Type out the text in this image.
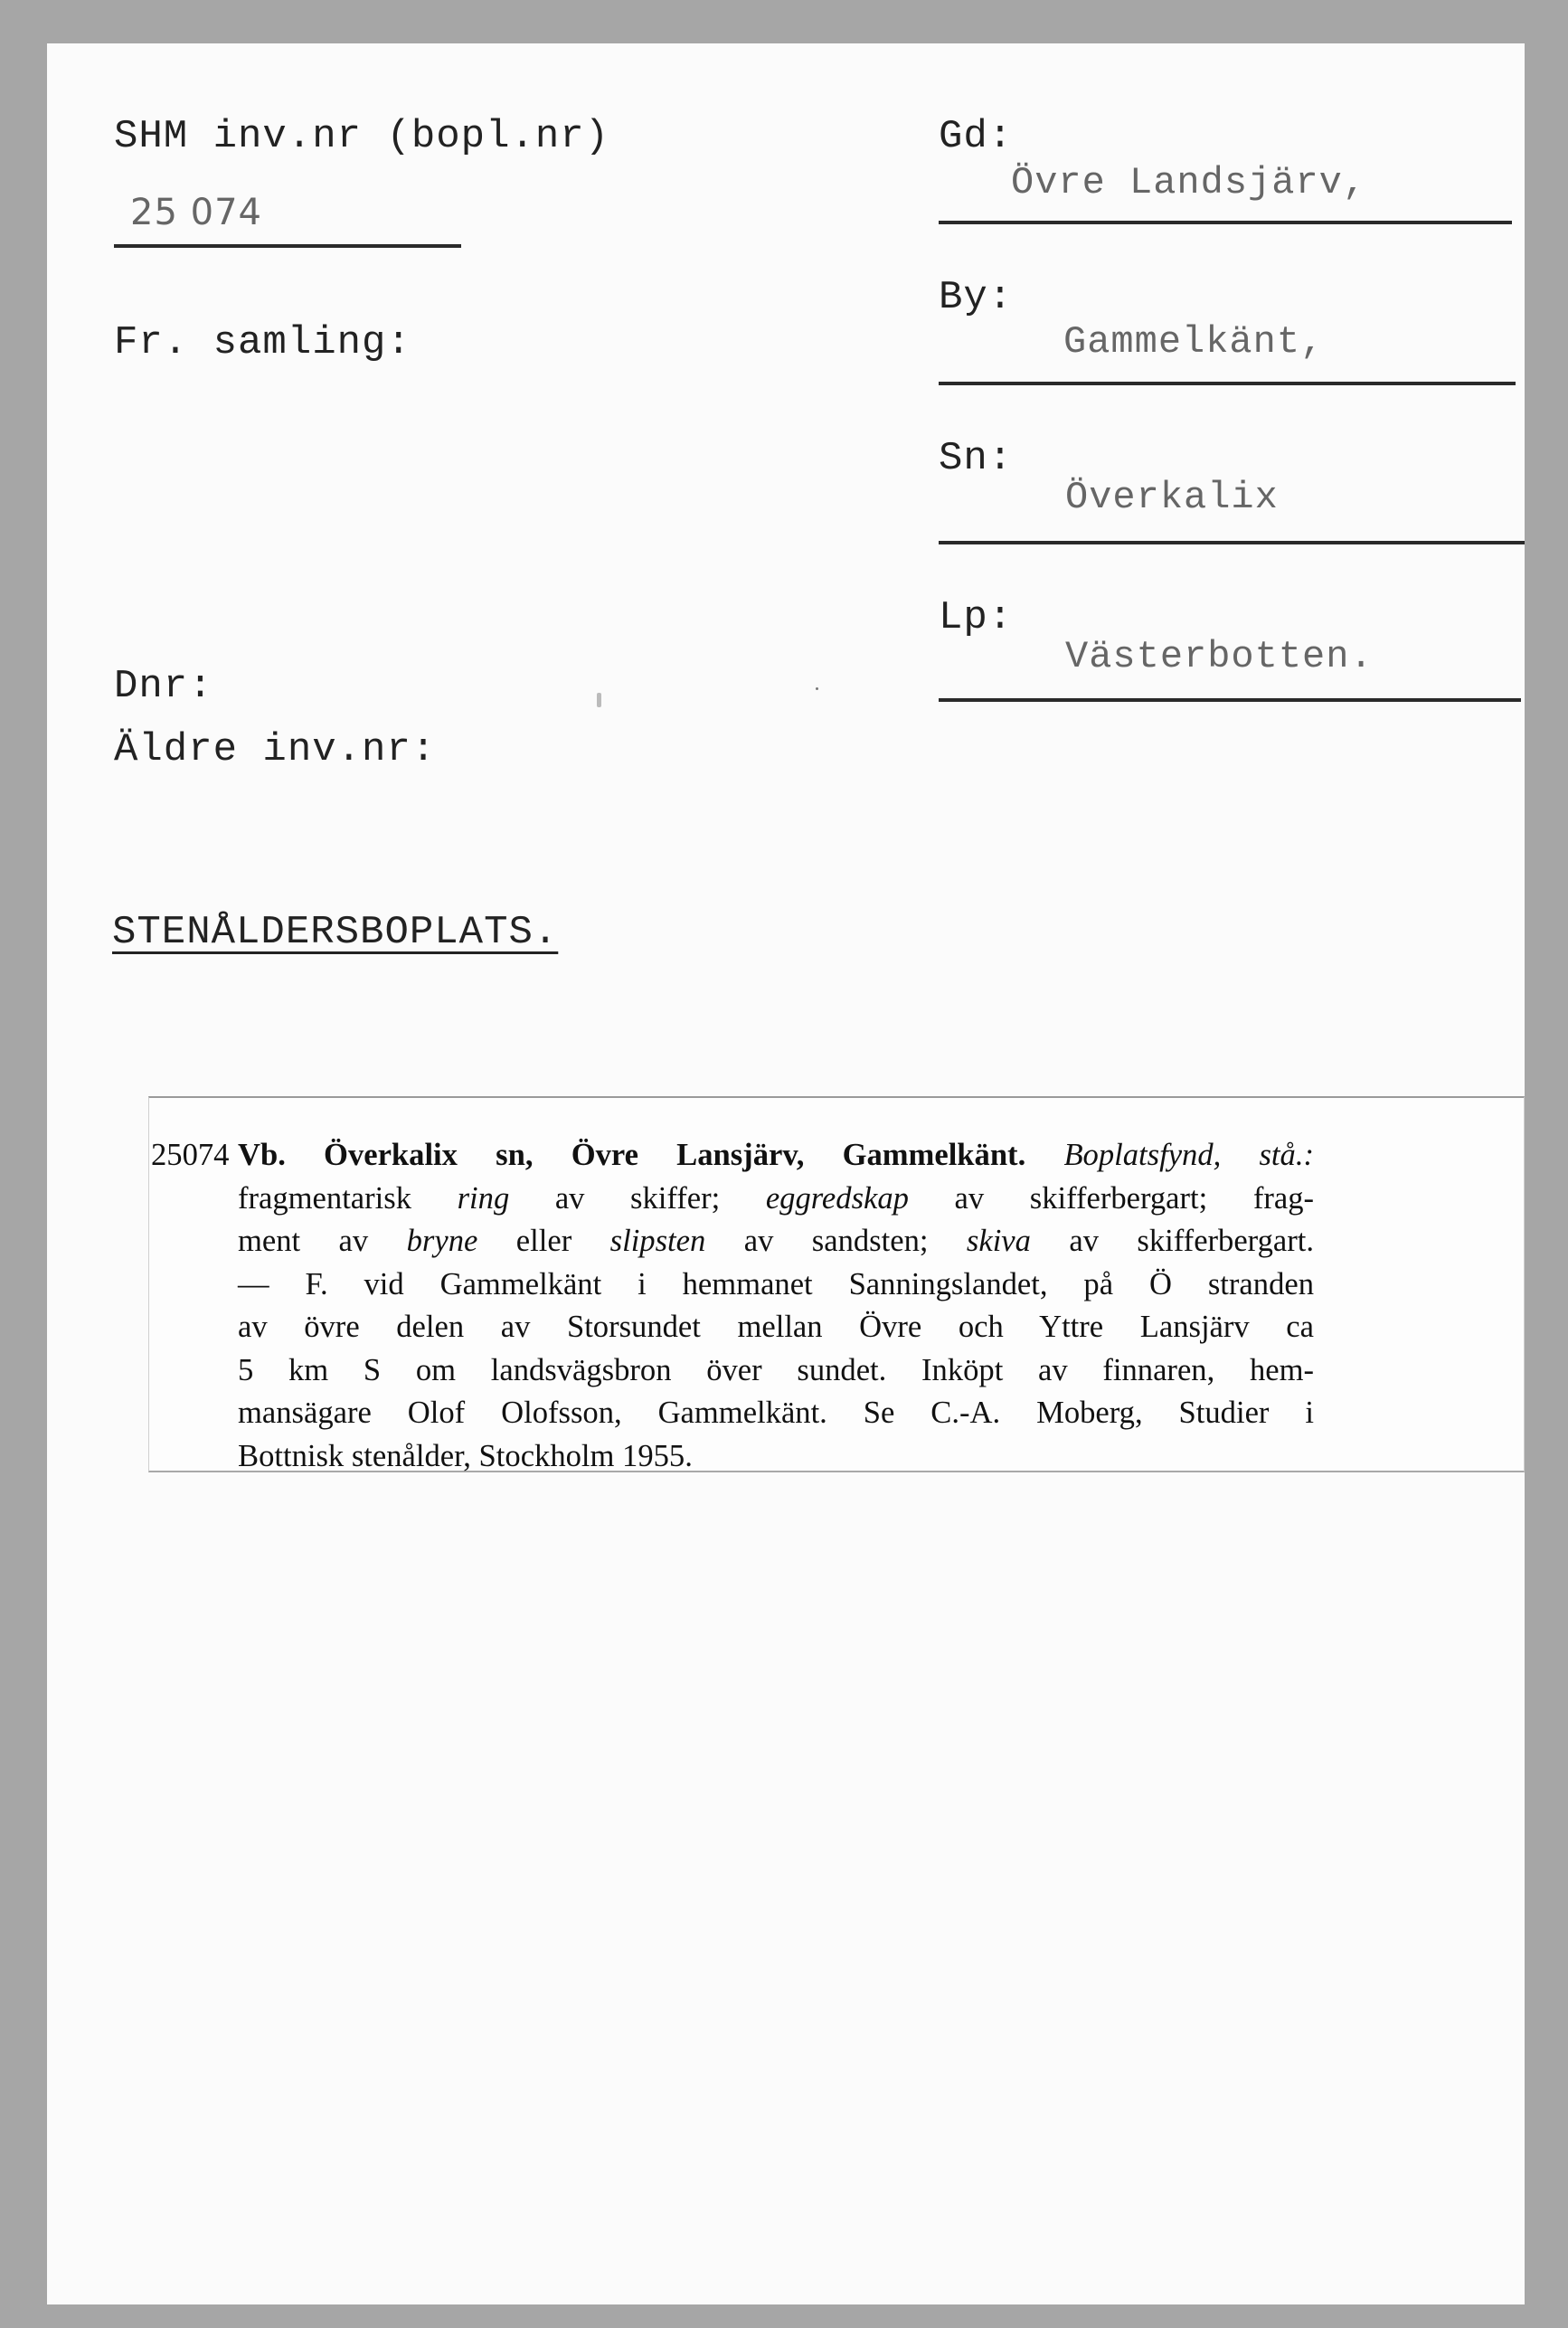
SHM inv.nr (bopl.nr)
25 074
Fr. samling:
Dnr:
Äldre inv.nr:
STENÅLDERSBOPLATS.
Gd:
Övre Landsjärv,
By:
Gammelkänt,
Sn:
Överkalix
Lp:
Västerbotten.
25074 Vb. Överkalix sn, Övre Lansjärv, Gammelkänt. Boplatsfynd, stå.:
fragmentarisk ring av skiffer; eggredskap av skifferbergart; frag-
ment av bryne eller slipsten av sandsten; skiva av skifferbergart.
— F. vid Gammelkänt i hemmanet Sanningslandet, på Ö stranden
av övre delen av Storsundet mellan Övre och Yttre Lansjärv ca
5 km S om landsvägsbron över sundet. Inköpt av finnaren, hem-
mansägare Olof Olofsson, Gammelkänt. Se C.-A. Moberg, Studier i
Bottnisk stenålder, Stockholm 1955.
